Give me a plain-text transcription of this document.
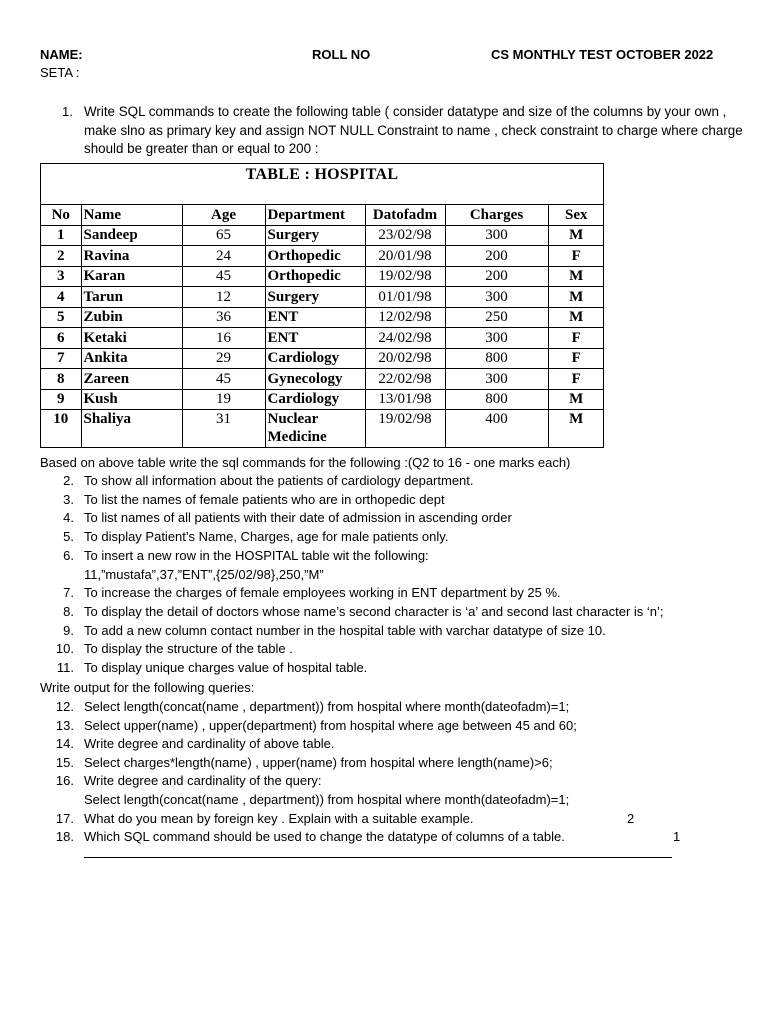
NAME:	ROLL NO	CS MONTHLY TEST OCTOBER 2022
SETA :
1. Write SQL commands to create the following table ( consider datatype and size of the columns by your own , make slno as primary key and assign NOT NULL Constraint to name , check constraint to charge where charge should be greater than or equal to 200 :
TABLE : HOSPITAL
No	Name	Age	Department	Datofadm	Charges	Sex
1	Sandeep	65	Surgery	23/02/98	300	M
2	Ravina	24	Orthopedic	20/01/98	200	F
3	Karan	45	Orthopedic	19/02/98	200	M
4	Tarun	12	Surgery	01/01/98	300	M
5	Zubin	36	ENT	12/02/98	250	M
6	Ketaki	16	ENT	24/02/98	300	F
7	Ankita	29	Cardiology	20/02/98	800	F
8	Zareen	45	Gynecology	22/02/98	300	F
9	Kush	19	Cardiology	13/01/98	800	M
10	Shaliya	31	Nuclear Medicine	19/02/98	400	M
Based on above table write the sql commands for the following :(Q2 to 16 - one marks each)
2. To show all information about the patients of cardiology department.
3. To list the names of female patients who are in orthopedic dept
4. To list names of all patients with their date of admission in ascending order
5. To display Patient’s Name, Charges, age for male patients only.
6. To insert a new row in the HOSPITAL table wit the following:
11,”mustafa”,37,”ENT”,{25/02/98},250,”M”
7. To increase the charges of female employees working in ENT department by 25 %.
8. To display the detail of doctors whose name’s second character is ‘a’ and second last character is ‘n’;
9. To add a new column contact number in the hospital table with varchar datatype of size 10.
10. To display the structure of the table .
11. To display unique charges value of hospital table.
Write output for the following queries:
12. Select length(concat(name , department)) from hospital where month(dateofadm)=1;
13. Select upper(name) , upper(department) from hospital where age between 45 and 60;
14. Write degree and cardinality of above table.
15. Select charges*length(name) , upper(name) from hospital where length(name)>6;
16. Write degree and cardinality of the query:
Select length(concat(name , department)) from hospital where month(dateofadm)=1;
17. What do you mean by foreign key . Explain with a suitable example.	2
18. Which SQL command should be used to change the datatype of columns of a table.	1
